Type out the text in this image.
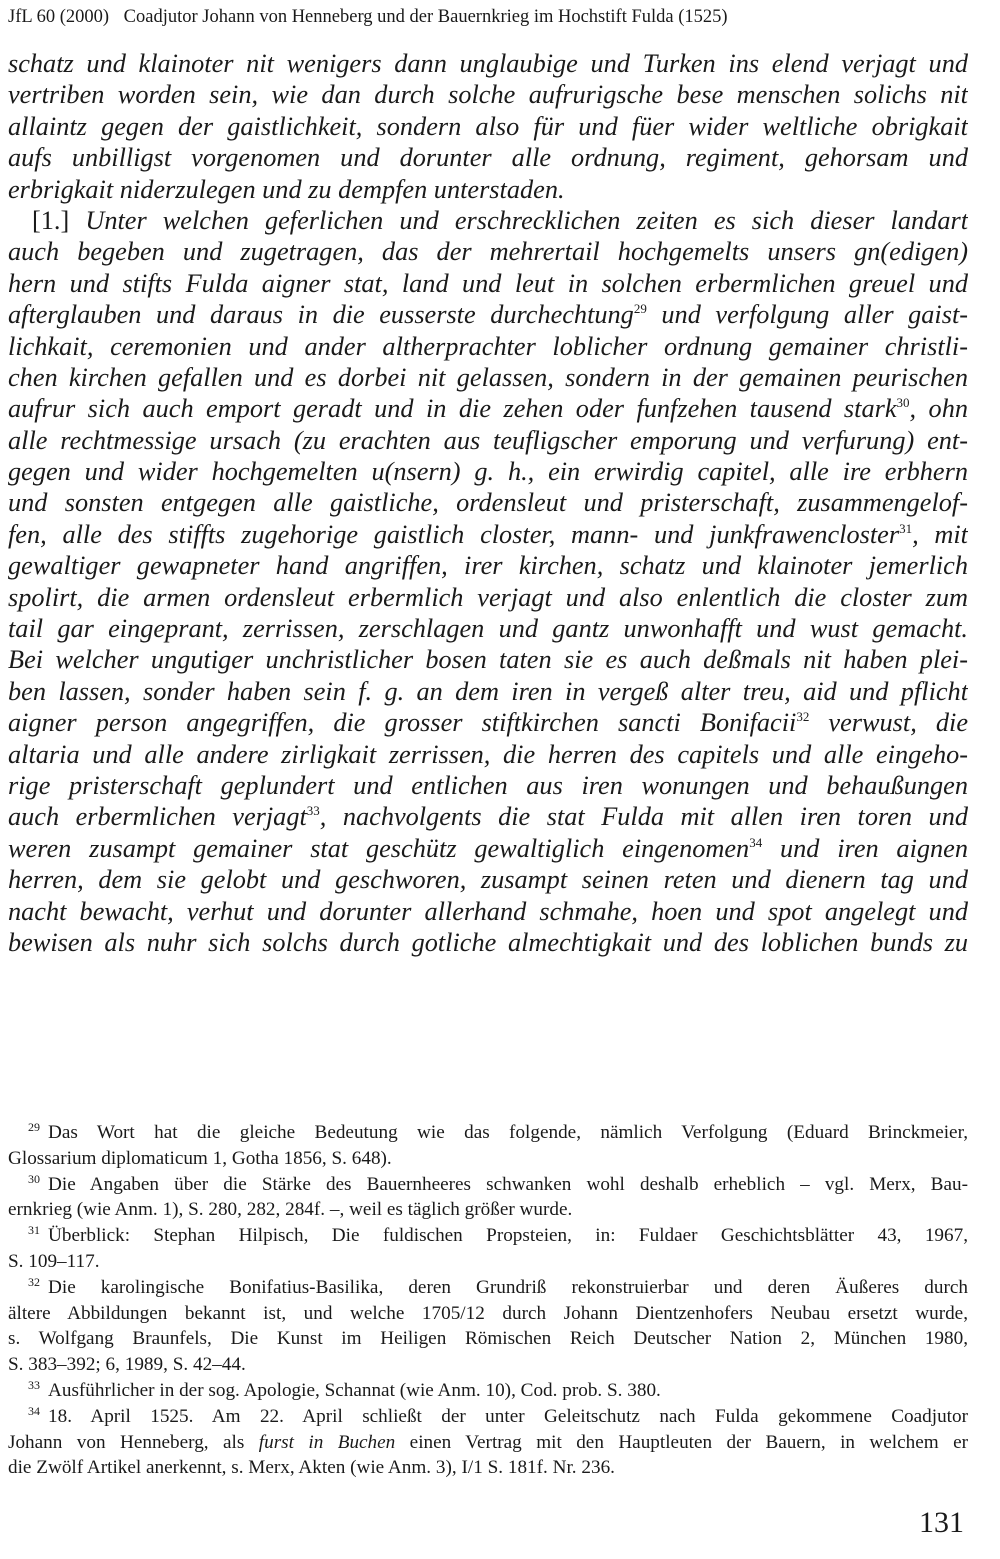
JfL 60 (2000) Coadjutor Johann von Henneberg und der Bauernkrieg im Hochstift Fulda (1525)
schatz und klainoter nit wenigers dann unglaubige und Turken ins elend verjagt und
vertriben worden sein, wie dan durch solche aufrurigsche bese menschen solichs nit
allaintz gegen der gaistlichkeit, sondern also für und füer wider weltliche obrigkait
aufs unbilligst vorgenomen und dorunter alle ordnung, regiment, gehorsam und
erbrigkait niderzulegen und zu dempfen unterstaden.
[1.] Unter welchen geferlichen und erschrecklichen zeiten es sich dieser landart
auch begeben und zugetragen, das der mehrertail hochgemelts unsers gn(edigen)
hern und stifts Fulda aigner stat, land und leut in solchen erbermlichen greuel und
afterglauben und daraus in die eusserste durchechtung$^{29}$ und verfolgung aller gaist-
lichkait, ceremonien und ander altherprachter loblicher ordnung gemainer christli-
chen kirchen gefallen und es dorbei nit gelassen, sondern in der gemainen peurischen
aufrur sich auch emport geradt und in die zehen oder funfzehen tausend stark$^{30}$, ohn
alle rechtmessige ursach (zu erachten aus teufligscher emporung und verfurung) ent-
gegen und wider hochgemelten u(nsern) g. h., ein erwirdig capitel, alle ire erbhern
und sonsten entgegen alle gaistliche, ordensleut und pristerschaft, zusammengelof-
fen, alle des stiffts zugehorige gaistlich closter, mann- und junkfrawencloster$^{31}$, mit
gewaltiger gewapneter hand angriffen, irer kirchen, schatz und klainoter jemerlich
spolirt, die armen ordensleut erbermlich verjagt und also enlentlich die closter zum
tail gar eingeprant, zerrissen, zerschlagen und gantz unwonhafft und wust gemacht.
Bei welcher ungutiger unchristlicher bosen taten sie es auch deßmals nit haben plei-
ben lassen, sonder haben sein f. g. an dem iren in vergeß alter treu, aid und pflicht
aigner person angegriffen, die grosser stiftkirchen sancti Bonifacii$^{32}$ verwust, die
altaria und alle andere zirligkait zerrissen, die herren des capitels und alle eingeho-
rige pristerschaft geplundert und entlichen aus iren wonungen und behaußungen
auch erbermlichen verjagt$^{33}$, nachvolgents die stat Fulda mit allen iren toren und
weren zusampt gemainer stat geschütz gewaltiglich eingenomen$^{34}$ und iren aignen
herren, dem sie gelobt und geschworen, zusampt seinen reten und dienern tag und
nacht bewacht, verhut und dorunter allerhand schmahe, hoen und spot angelegt und
bewisen als nuhr sich solchs durch gotliche almechtigkait und des loblichen bunds zu
$^{29}$ Das Wort hat die gleiche Bedeutung wie das folgende, nämlich Verfolgung (Eduard Brinckmeier,
Glossarium diplomaticum 1, Gotha 1856, S. 648).
$^{30}$ Die Angaben über die Stärke des Bauernheeres schwanken wohl deshalb erheblich – vgl. Merx, Bau-
ernkrieg (wie Anm. 1), S. 280, 282, 284f. –, weil es täglich größer wurde.
$^{31}$ Überblick: Stephan Hilpisch, Die fuldischen Propsteien, in: Fuldaer Geschichtsblätter 43, 1967,
S. 109–117.
$^{32}$ Die karolingische Bonifatius-Basilika, deren Grundriß rekonstruierbar und deren Äußeres durch
ältere Abbildungen bekannt ist, und welche 1705/12 durch Johann Dientzenhofers Neubau ersetzt wurde,
s. Wolfgang Braunfels, Die Kunst im Heiligen Römischen Reich Deutscher Nation 2, München 1980,
S. 383–392; 6, 1989, S. 42–44.
$^{33}$ Ausführlicher in der sog. Apologie, Schannat (wie Anm. 10), Cod. prob. S. 380.
$^{34}$ 18. April 1525. Am 22. April schließt der unter Geleitschutz nach Fulda gekommene Coadjutor
Johann von Henneberg, als furst in Buchen einen Vertrag mit den Hauptleuten der Bauern, in welchem er
die Zwölf Artikel anerkennt, s. Merx, Akten (wie Anm. 3), I/1 S. 181f. Nr. 236.
131
